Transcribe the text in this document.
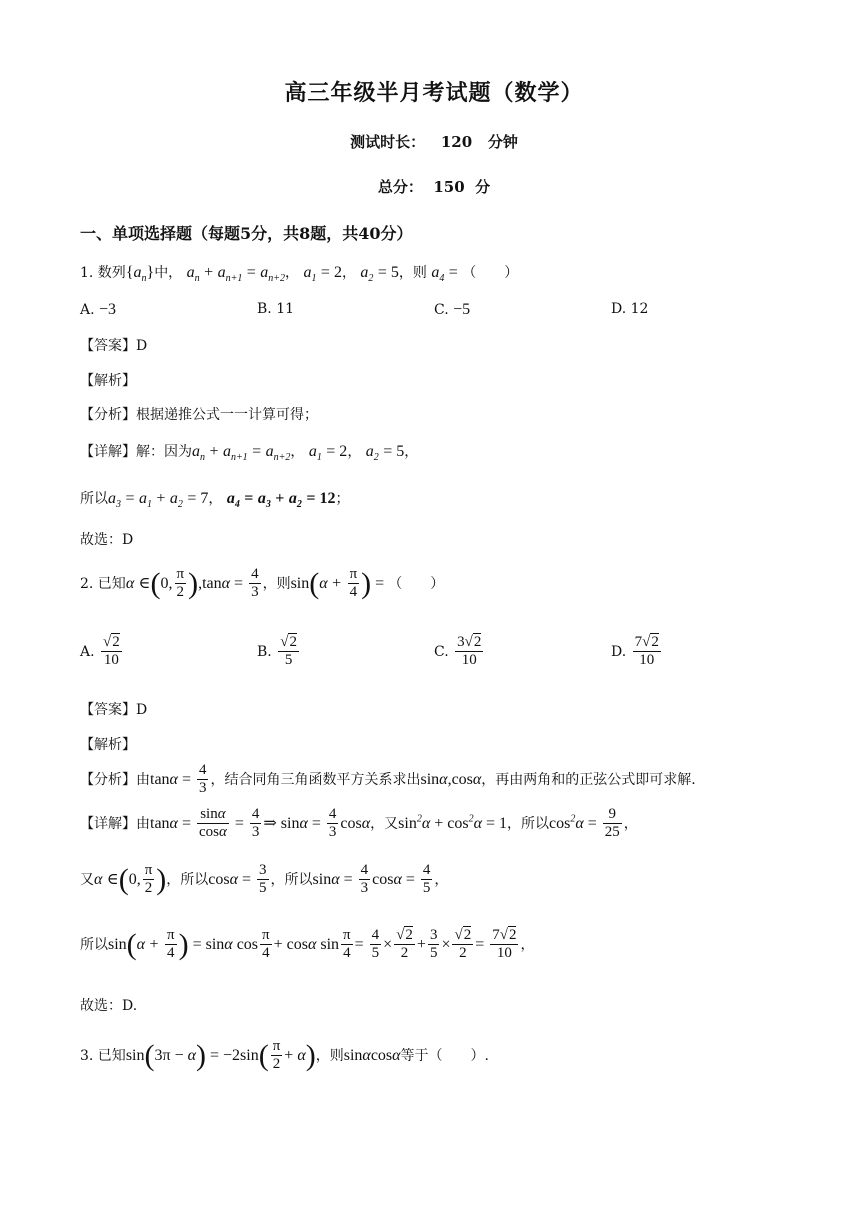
高三年级半月考试题（数学）
测试时长： 120 分钟
总分： 150 分
一、单项选择题（每题5分，共8题，共40分）
1. 数列$\{a_n\}$中， $a_n + a_{n+1} = a_{n+2}$， $a_1 = 2$， $a_2 = 5$，则 $a_4$ = （　　）
A. −3	B. 11	C. −5	D. 12
【答案】D
【解析】
【分析】根据递推公式一一计算可得；
【详解】解：因为$a_n + a_{n+1} = a_{n+2}$， $a_1 = 2$， $a_2 = 5$，
所以$a_3 = a_1 + a_2 = 7$， $a_4 = a_3 + a_2 = 12$；
故选：D
2. 已知α ∈(0, $\frac{\pi}{2} ),\tan\alpha = \frac{4}{3}$ ，则$\sin(\alpha + \frac{\pi}{4}$ ) = （　　）
A. $\frac{√2}{10}$	B. $\frac{√2}{5}$	C. $\frac{3√2}{10}$	D. $\frac{7√2}{10}$
【答案】D
【解析】
【分析】由$\tan\alpha = \frac{4}{3}$ ，结合同角三角函数平方关系求出sinα,cosα，再由两角和的正弦公式即可求解.
【详解】由$\tan\alpha = \frac{\sin\alpha}{\cos\alpha} = \frac{4}{3}$ ⇒ $\sin\alpha = \frac{4}{3}$ cosα，又$\sin^2\alpha + \cos^2\alpha = 1$，所以$\cos^2\alpha = \frac{9}{25}$ ，
又α ∈(0, $\frac{\pi}{2}$ )，所以$\cos\alpha = \frac{3}{5}$ ，所以$\sin\alpha = \frac{4}{3}$ $\cos\alpha = \frac{4}{5}$ ，
所以$\sin(\alpha + \frac{\pi}{4}$ ) = sinα $\cos \frac{\pi}{4} + \cos\alpha$ $\sin \frac{\pi}{4} = \frac{4}{5} \times \frac{√2}{2} + \frac{3}{5} \times \frac{√2}{2} = \frac{7√2}{10}$ ，
故选：D.
3. 已知$\sin(3\pi - \alpha) = -2\sin( \frac{\pi}{2} + \alpha)$，则sinαcosα等于（　　）.
